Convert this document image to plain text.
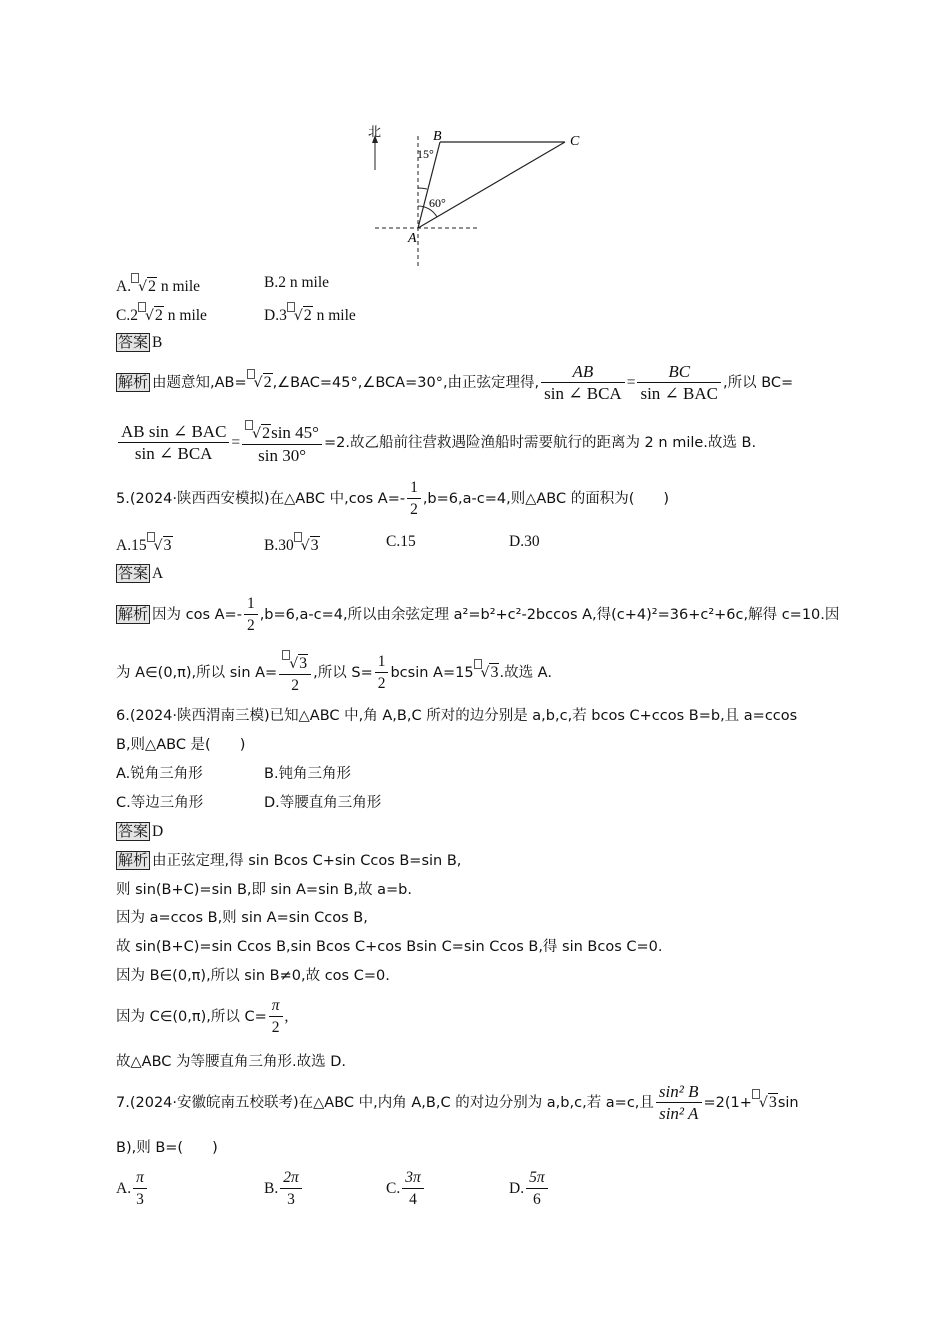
北	B	C
A
15°
60°
A. √2 n mile	B.2 n mile
C.2 √2 n mile	D.3 √2 n mile
答案 B
解析 由题意知,AB= √2,∠BAC=45°,∠BCA=30°,由正弦定理得, $\frac{AB}{\text{sin ∠ BCA}} = \frac{BC}{\text{sin ∠ BAC}}$ ,所以 BC=
$\frac{\text{AB sin ∠ BAC}}{\text{sin ∠ BCA}} = \frac{√2\sin 45^\circ}{\sin 30^\circ} =2$.故乙船前往营救遇险渔船时需要航行的距离为 2 n mile.故选 B.
5.(2024·陕西西安模拟)在△ABC 中,cos $A=- \frac{1}{2} ,b=6,a-c=4$,则△ABC 的面积为(　　)
A.15 √3	B.30 √3	C.15	D.30
答案 A
解析 因为 $\cos A=- \frac{1}{2} ,b=6,a-c=4$,所以由余弦定理 a²=b²+c²-2bccos A,得(c+4)²=36+c²+6c,解得 c=10.因
为 A∈(0,π),所以 $\sin A= \frac{√3}{2}$ ,所以 $S= \frac{1}{2}$ bcsin A=15 √3.故选 A.
6.(2024·陕西渭南三模)已知△ABC 中,角 A,B,C 所对的边分别是 a,b,c,若 bcos C+ccos B=b,且 a=ccos
B,则△ABC 是(　　)
A.锐角三角形	B.钝角三角形
C.等边三角形	D.等腰直角三角形
答案 D
解析 由正弦定理,得 sin Bcos C+sin Ccos B=sin B,
则 sin(B+C)=sin B,即 sin A=sin B,故 a=b.
因为 a=ccos B,则 sin A=sin Ccos B,
故 sin(B+C)=sin Ccos B,sin Bcos C+cos Bsin C=sin Ccos B,得 sin Bcos C=0.
因为 B∈(0,π),所以 sin B≠0,故 cos C=0.
因为 C∈(0,π),所以 $C= \frac{\pi}{2}$ ,
故△ABC 为等腰直角三角形.故选 D.
7.(2024·安徽皖南五校联考)在△ABC 中,内角 A,B,C 的对边分别为 a,b,c,若 a=c,且 $\frac{\text{sin² B}}{\text{sin² A}} =2(1+ √3\sin$
B),则 B=(　　)
A. $\frac{\pi}{3}$	B. $\frac{2\pi}{3}$	C. $\frac{3\pi}{4}$	D. $\frac{5\pi}{6}$
